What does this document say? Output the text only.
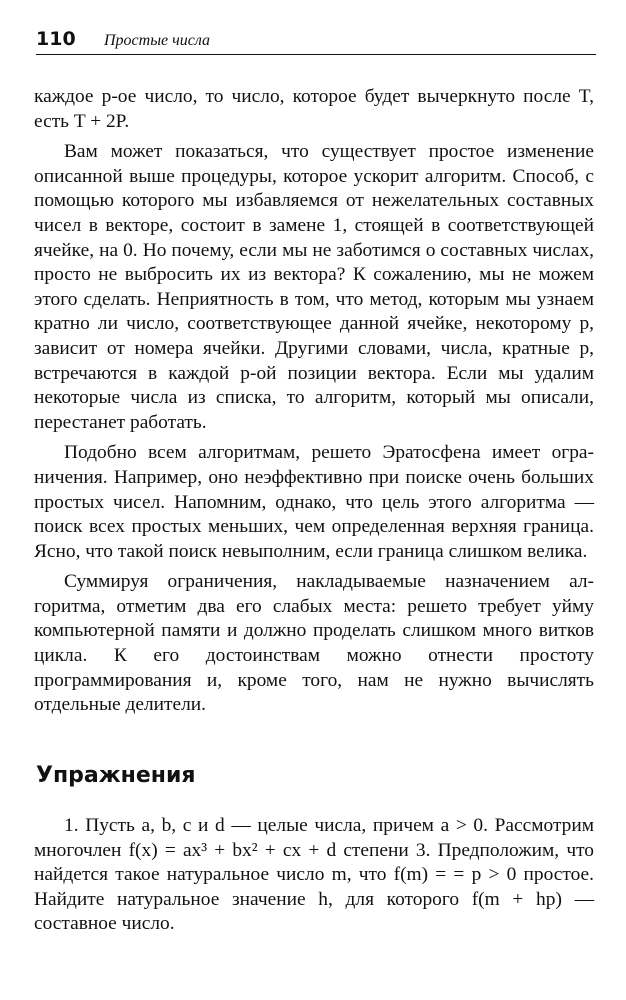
110 Простые числа

каждое p-ое число, то число, которое будет вычеркнуто после T, есть T + 2P.

Вам может показаться, что существует простое изменение описанной выше процедуры, которое ускорит алгоритм. Способ, с помощью которого мы избавляемся от нежелательных составных чисел в векторе, состоит в замене 1, стоящей в соответствующей ячейке, на 0. Но почему, если мы не заботимся о составных числах, просто не выбросить их из вектора? К сожалению, мы не можем этого сделать. Неприятность в том, что метод, которым мы узнаем кратно ли число, соответствующее данной ячейке, некоторому p, зависит от номера ячейки. Другими словами, числа, кратные p, встречаются в каждой p-ой позиции вектора. Если мы удалим некоторые числа из списка, то алгоритм, который мы описали, перестанет работать.

Подобно всем алгоритмам, решето Эратосфена имеет ограничения. Например, оно неэффективно при поиске очень больших простых чисел. Напомним, однако, что цель этого алгоритма — поиск всех простых меньших, чем определенная верхняя граница. Ясно, что такой поиск невыполним, если граница слишком велика.

Суммируя ограничения, накладываемые назначением алгоритма, отметим два его слабых места: решето требует уйму компьютерной памяти и должно проделать слишком много витков цикла. К его достоинствам можно отнести простоту программирования и, кроме того, нам не нужно вычислять отдельные делители.

Упражнения

1. Пусть a, b, c и d — целые числа, причем a > 0. Рассмотрим многочлен f(x) = ax³ + bx² + cx + d степени 3. Предположим, что найдется такое натуральное число m, что f(m) = = p > 0 простое. Найдите натуральное значение h, для которого f(m + hp) — составное число.
